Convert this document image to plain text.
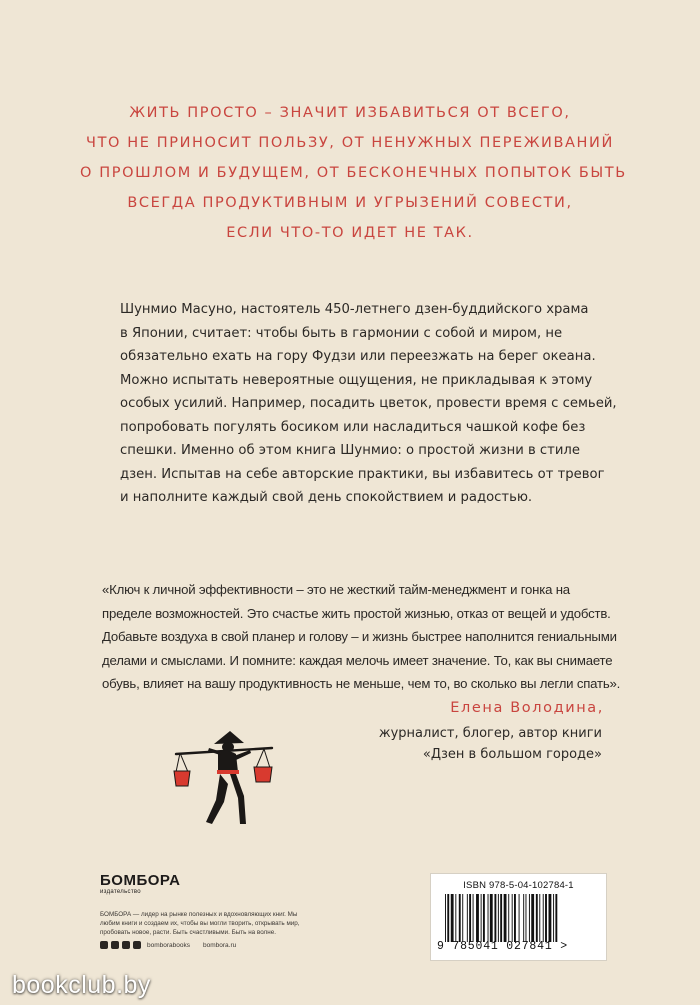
ЖИТЬ ПРОСТО – ЗНАЧИТ ИЗБАВИТЬСЯ ОТ ВСЕГО,
ЧТО НЕ ПРИНОСИТ ПОЛЬЗУ, ОТ НЕНУЖНЫХ ПЕРЕЖИВАНИЙ
О ПРОШЛОМ И БУДУЩЕМ, ОТ БЕСКОНЕЧНЫХ ПОПЫТОК БЫТЬ
ВСЕГДА ПРОДУКТИВНЫМ И УГРЫЗЕНИЙ СОВЕСТИ,
ЕСЛИ ЧТО-ТО ИДЕТ НЕ ТАК.
Шунмио Масуно, настоятель 450-летнего дзен-буддийского храма
в Японии, считает: чтобы быть в гармонии с собой и миром, не
обязательно ехать на гору Фудзи или переезжать на берег океана.
Можно испытать невероятные ощущения, не прикладывая к этому
особых усилий. Например, посадить цветок, провести время с семьей,
попробовать погулять босиком или насладиться чашкой кофе без
спешки. Именно об этом книга Шунмио: о простой жизни в стиле
дзен. Испытав на себе авторские практики, вы избавитесь от тревог
и наполните каждый свой день спокойствием и радостью.
«Ключ к личной эффективности – это не жесткий тайм-менеджмент и гонка на
пределе возможностей. Это счастье жить простой жизнью, отказ от вещей и удобств.
Добавьте воздуха в свой планер и голову – и жизнь быстрее наполнится гениальными
делами и смыслами. И помните: каждая мелочь имеет значение. То, как вы снимаете
обувь, влияет на вашу продуктивность не меньше, чем то, во сколько вы легли спать».
Елена Володина,
журналист, блогер, автор книги
«Дзен в большом городе»
БОМБОРА
издательство
БОМБОРА — лидер на рынке полезных и вдохновляющих книг. Мы любим книги и создаем их, чтобы вы могли творить, открывать мир, пробовать новое, расти. Быть счастливыми. Быть на волне.
bomborabooks bombora.ru
ISBN 978-5-04-102784-1
9 785041 027841 >
bookclub.by
